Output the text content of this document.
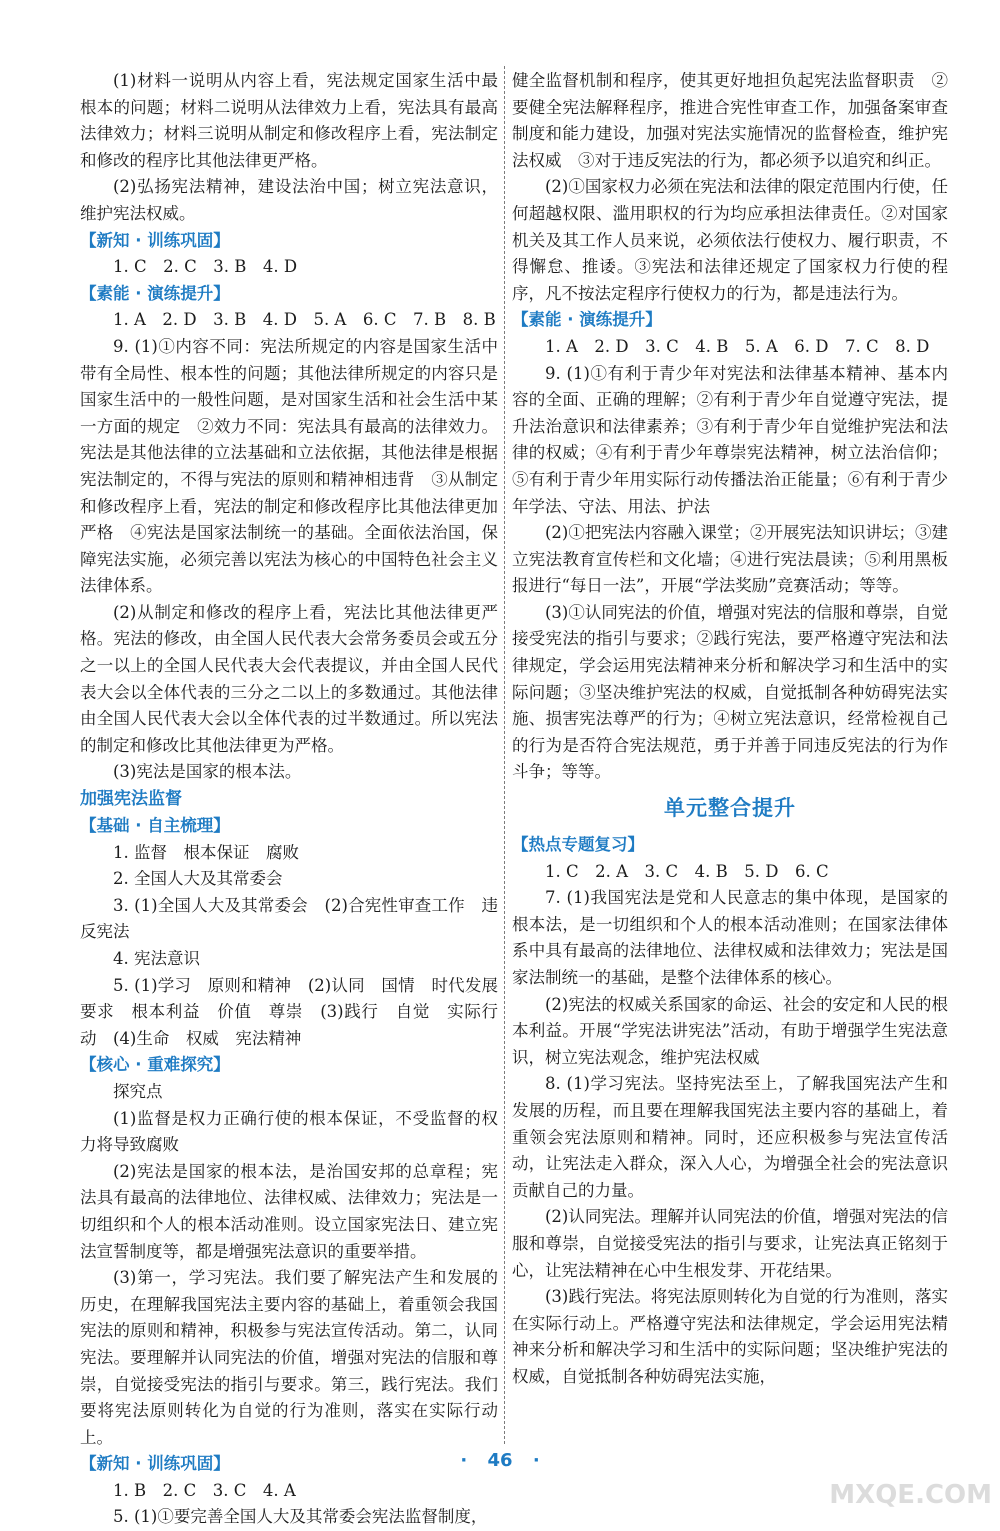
(1)材料一说明从内容上看，宪法规定国家生活中最根本的问题；材料二说明从法律效力上看，宪法具有最高法律效力；材料三说明从制定和修改程序上看，宪法制定和修改的程序比其他法律更严格。

(2)弘扬宪法精神，建设法治中国；树立宪法意识，维护宪法权威。

【新知 · 训练巩固】

1. C　2. C　3. B　4. D

【素能 · 演练提升】

1. A　2. D　3. B　4. D　5. A　6. C　7. B　8. B

9. (1)①内容不同：宪法所规定的内容是国家生活中带有全局性、根本性的问题；其他法律所规定的内容只是国家生活中的一般性问题，是对国家生活和社会生活中某一方面的规定　②效力不同：宪法具有最高的法律效力。宪法是其他法律的立法基础和立法依据，其他法律是根据宪法制定的，不得与宪法的原则和精神相违背　③从制定和修改程序上看，宪法的制定和修改程序比其他法律更加严格　④宪法是国家法制统一的基础。全面依法治国，保障宪法实施，必须完善以宪法为核心的中国特色社会主义法律体系。

(2)从制定和修改的程序上看，宪法比其他法律更严格。宪法的修改，由全国人民代表大会常务委员会或五分之一以上的全国人民代表大会代表提议，并由全国人民代表大会以全体代表的三分之二以上的多数通过。其他法律由全国人民代表大会以全体代表的过半数通过。所以宪法的制定和修改比其他法律更为严格。

(3)宪法是国家的根本法。

加强宪法监督

【基础 · 自主梳理】

1. 监督　根本保证　腐败

2. 全国人大及其常委会

3. (1)全国人大及其常委会　(2)合宪性审查工作　违反宪法

4. 宪法意识

5. (1)学习　原则和精神　(2)认同　国情　时代发展要求　根本利益　价值　尊崇　(3)践行　自觉　实际行动　(4)生命　权威　宪法精神

【核心 · 重难探究】

探究点

(1)监督是权力正确行使的根本保证，不受监督的权力将导致腐败

(2)宪法是国家的根本法，是治国安邦的总章程；宪法具有最高的法律地位、法律权威、法律效力；宪法是一切组织和个人的根本活动准则。设立国家宪法日、建立宪法宣誓制度等，都是增强宪法意识的重要举措。

(3)第一，学习宪法。我们要了解宪法产生和发展的历史，在理解我国宪法主要内容的基础上，着重领会我国宪法的原则和精神，积极参与宪法宣传活动。第二，认同宪法。要理解并认同宪法的价值，增强对宪法的信服和尊崇，自觉接受宪法的指引与要求。第三，践行宪法。我们要将宪法原则转化为自觉的行为准则，落实在实际行动上。

【新知 · 训练巩固】

1. B　2. C　3. C　4. A

5. (1)①要完善全国人大及其常委会宪法监督制度，

健全监督机制和程序，使其更好地担负起宪法监督职责　②要健全宪法解释程序，推进合宪性审查工作，加强备案审查制度和能力建设，加强对宪法实施情况的监督检查，维护宪法权威　③对于违反宪法的行为，都必须予以追究和纠正。

(2)①国家权力必须在宪法和法律的限定范围内行使，任何超越权限、滥用职权的行为均应承担法律责任。②对国家机关及其工作人员来说，必须依法行使权力、履行职责，不得懈怠、推诿。③宪法和法律还规定了国家权力行使的程序，凡不按法定程序行使权力的行为，都是违法行为。

【素能 · 演练提升】

1. A　2. D　3. C　4. B　5. A　6. D　7. C　8. D

9. (1)①有利于青少年对宪法和法律基本精神、基本内容的全面、正确的理解；②有利于青少年自觉遵守宪法，提升法治意识和法律素养；③有利于青少年自觉维护宪法和法律的权威；④有利于青少年尊崇宪法精神，树立法治信仰；⑤有利于青少年用实际行动传播法治正能量；⑥有利于青少年学法、守法、用法、护法

(2)①把宪法内容融入课堂；②开展宪法知识讲坛；③建立宪法教育宣传栏和文化墙；④进行宪法晨读；⑤利用黑板报进行“每日一法”，开展“学法奖励”竞赛活动；等等。

(3)①认同宪法的价值，增强对宪法的信服和尊崇，自觉接受宪法的指引与要求；②践行宪法，要严格遵守宪法和法律规定，学会运用宪法精神来分析和解决学习和生活中的实际问题；③坚决维护宪法的权威，自觉抵制各种妨碍宪法实施、损害宪法尊严的行为；④树立宪法意识，经常检视自己的行为是否符合宪法规范，勇于并善于同违反宪法的行为作斗争；等等。

单元整合提升

【热点专题复习】

1. C　2. A　3. C　4. B　5. D　6. C

7. (1)我国宪法是党和人民意志的集中体现，是国家的根本法，是一切组织和个人的根本活动准则；在国家法律体系中具有最高的法律地位、法律权威和法律效力；宪法是国家法制统一的基础，是整个法律体系的核心。

(2)宪法的权威关系国家的命运、社会的安定和人民的根本利益。开展“学宪法讲宪法”活动，有助于增强学生宪法意识，树立宪法观念，维护宪法权威

8. (1)学习宪法。坚持宪法至上，了解我国宪法产生和发展的历程，而且要在理解我国宪法主要内容的基础上，着重领会宪法原则和精神。同时，还应积极参与宪法宣传活动，让宪法走入群众，深入人心，为增强全社会的宪法意识贡献自己的力量。

(2)认同宪法。理解并认同宪法的价值，增强对宪法的信服和尊崇，自觉接受宪法的指引与要求，让宪法真正铭刻于心，让宪法精神在心中生根发芽、开花结果。

(3)践行宪法。将宪法原则转化为自觉的行为准则，落实在实际行动上。严格遵守宪法和法律规定，学会运用宪法精神来分析和解决学习和生活中的实际问题；坚决维护宪法的权威，自觉抵制各种妨碍宪法实施，

· 46 ·
MXQE.COM
